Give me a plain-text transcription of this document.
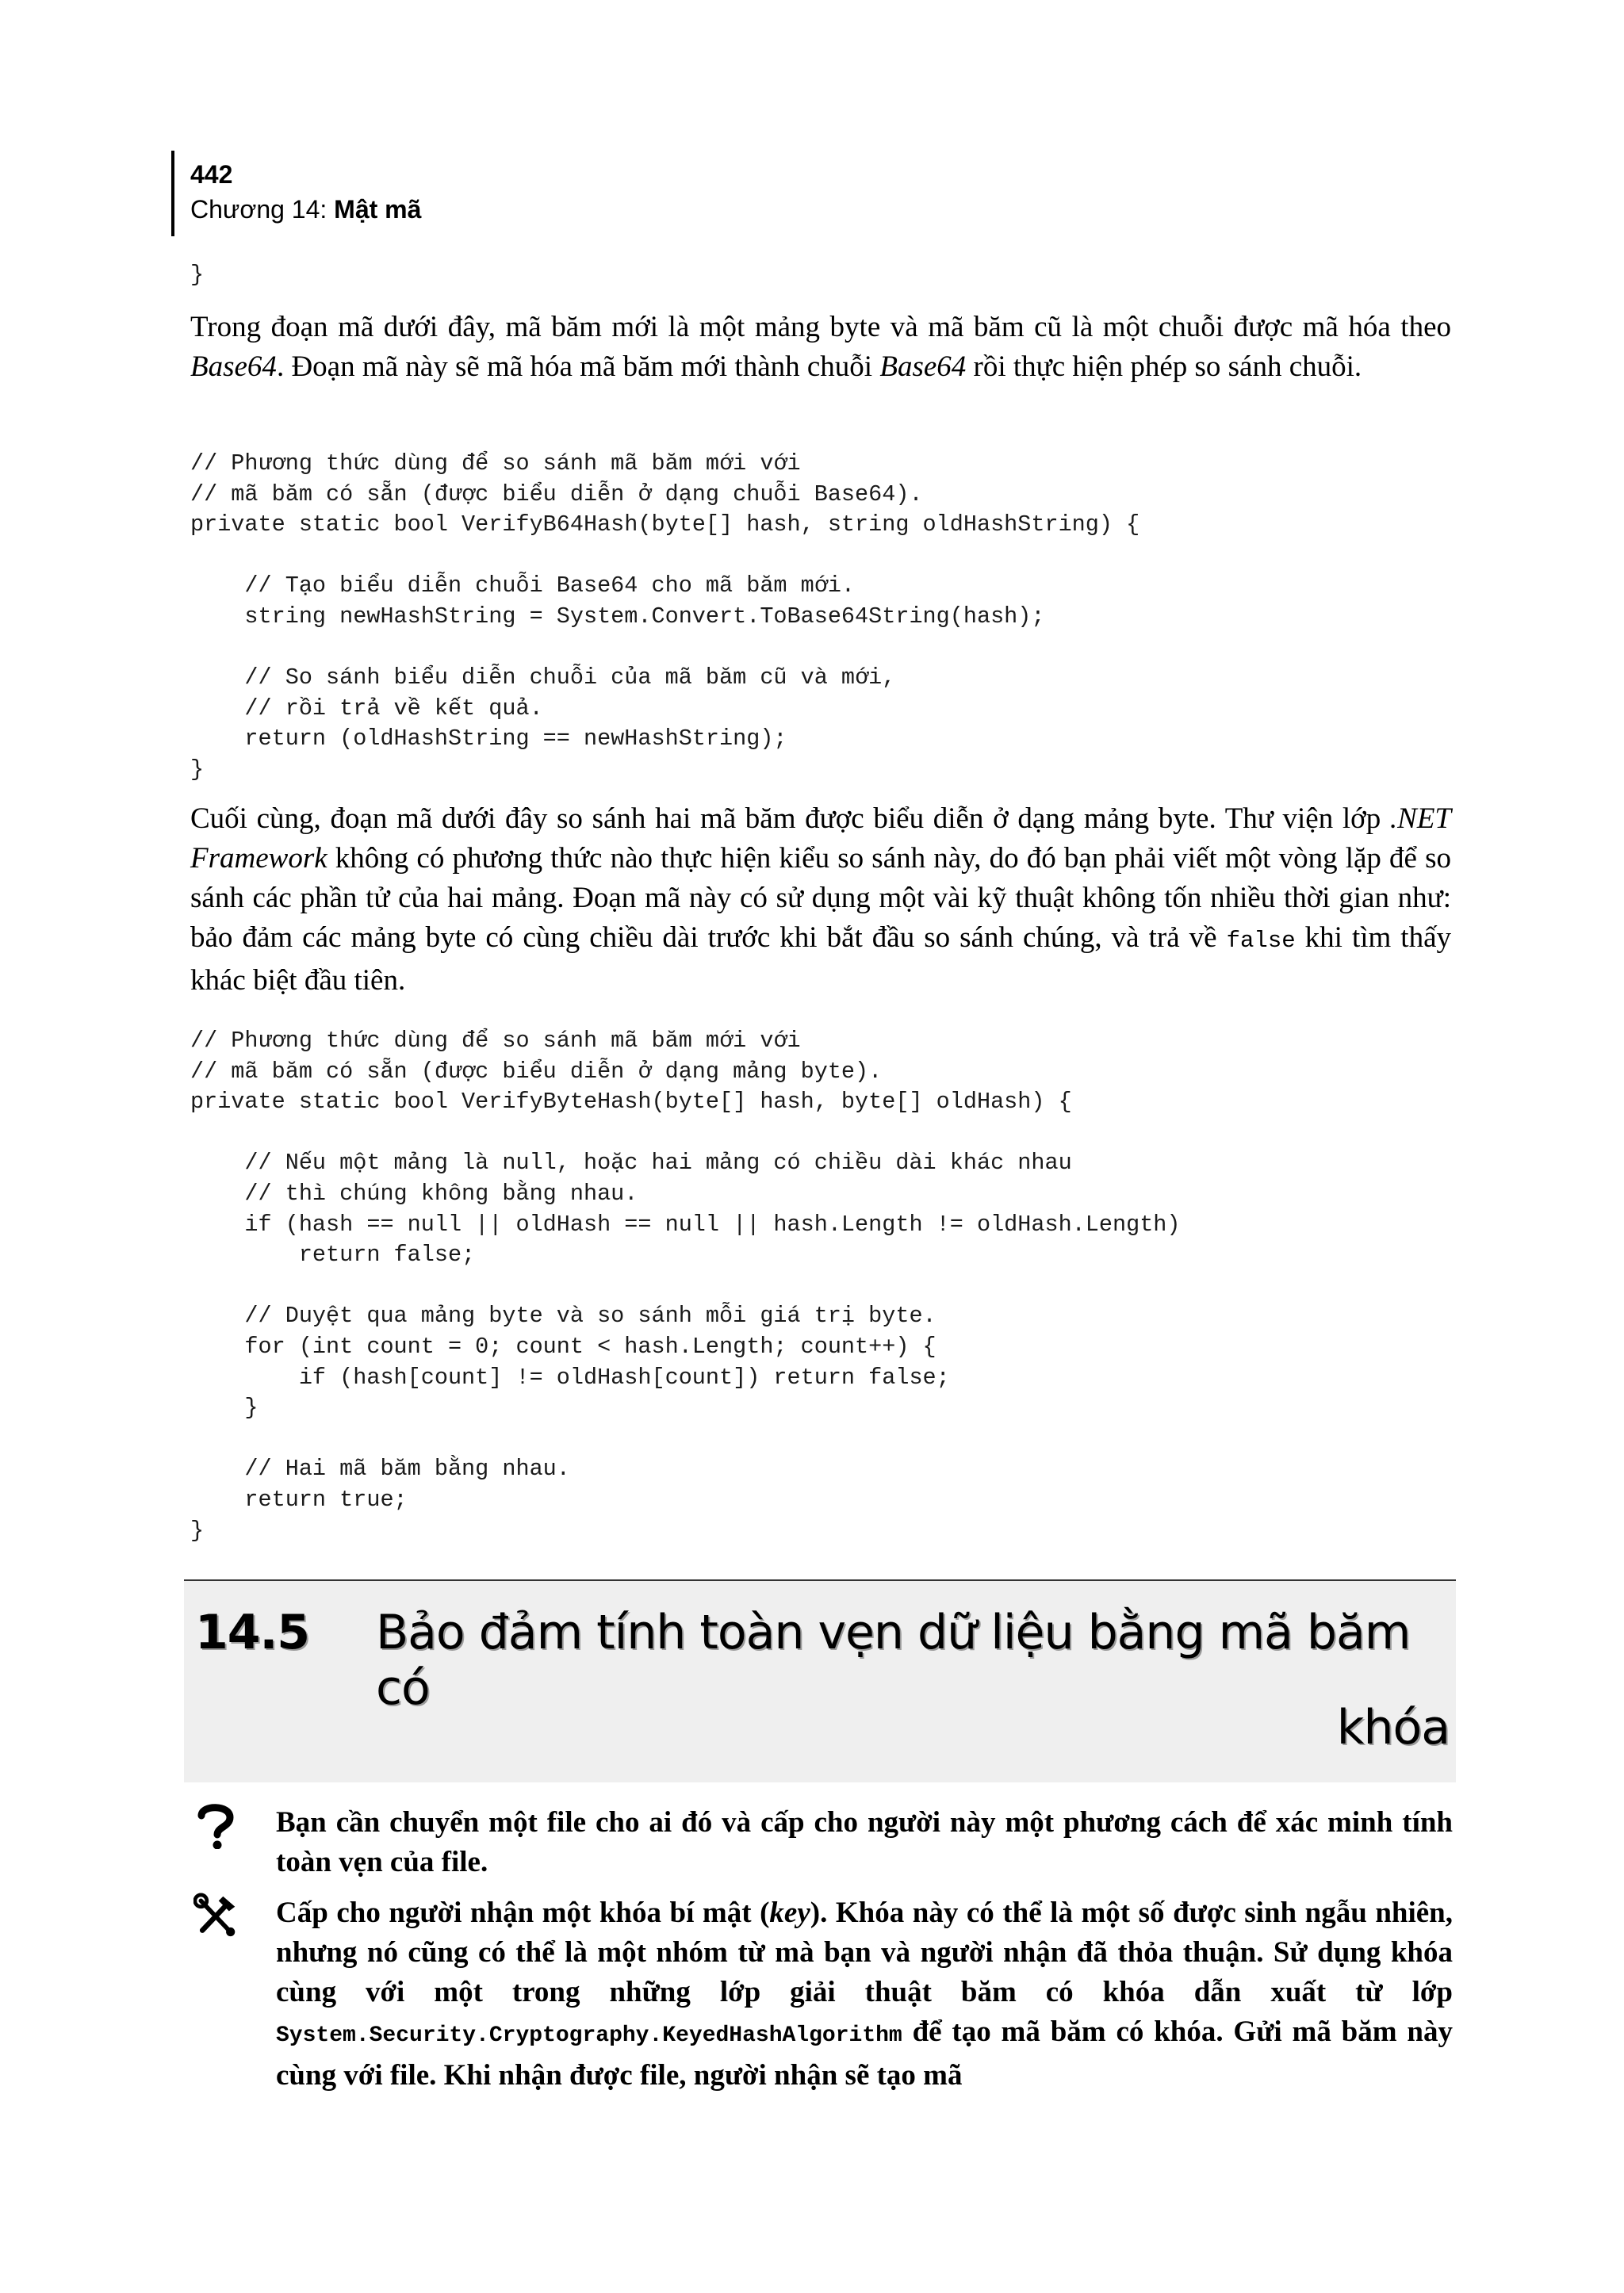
442
Chương 14: Mật mã
}

Trong đoạn mã dưới đây, mã băm mới là một mảng byte và mã băm cũ là một chuỗi được mã hóa theo Base64. Đoạn mã này sẽ mã hóa mã băm mới thành chuỗi Base64 rồi thực hiện phép so sánh chuỗi.

// Phương thức dùng để so sánh mã băm mới với
// mã băm có sẵn (được biểu diễn ở dạng chuỗi Base64).
private static bool VerifyB64Hash(byte[] hash, string oldHashString) {

// Tạo biểu diễn chuỗi Base64 cho mã băm mới.
string newHashString = System.Convert.ToBase64String(hash);

// So sánh biểu diễn chuỗi của mã băm cũ và mới,
// rồi trả về kết quả.
return (oldHashString == newHashString);
}

Cuối cùng, đoạn mã dưới đây so sánh hai mã băm được biểu diễn ở dạng mảng byte. Thư viện lớp .NET Framework không có phương thức nào thực hiện kiểu so sánh này, do đó bạn phải viết một vòng lặp để so sánh các phần tử của hai mảng. Đoạn mã này có sử dụng một vài kỹ thuật không tốn nhiều thời gian như: bảo đảm các mảng byte có cùng chiều dài trước khi bắt đầu so sánh chúng, và trả về false khi tìm thấy khác biệt đầu tiên.

// Phương thức dùng để so sánh mã băm mới với
// mã băm có sẵn (được biểu diễn ở dạng mảng byte).
private static bool VerifyByteHash(byte[] hash, byte[] oldHash) {

// Nếu một mảng là null, hoặc hai mảng có chiều dài khác nhau
// thì chúng không bằng nhau.
if (hash == null || oldHash == null || hash.Length != oldHash.Length)
return false;

// Duyệt qua mảng byte và so sánh mỗi giá trị byte.
for (int count = 0; count < hash.Length; count++) {
if (hash[count] != oldHash[count]) return false;
}

// Hai mã băm bằng nhau.
return true;
}
14.5 Bảo đảm tính toàn vẹn dữ liệu bằng mã băm có
khóa

Bạn cần chuyển một file cho ai đó và cấp cho người này một phương cách để xác minh tính toàn vẹn của file.

Cấp cho người nhận một khóa bí mật (key). Khóa này có thể là một số được sinh ngẫu nhiên, nhưng nó cũng có thể là một nhóm từ mà bạn và người nhận đã thỏa thuận. Sử dụng khóa cùng với một trong những lớp giải thuật băm có khóa dẫn xuất từ lớp System.Security.Cryptography.KeyedHashAlgorithm để tạo mã băm có khóa. Gửi mã băm này cùng với file. Khi nhận được file, người nhận sẽ tạo mã
